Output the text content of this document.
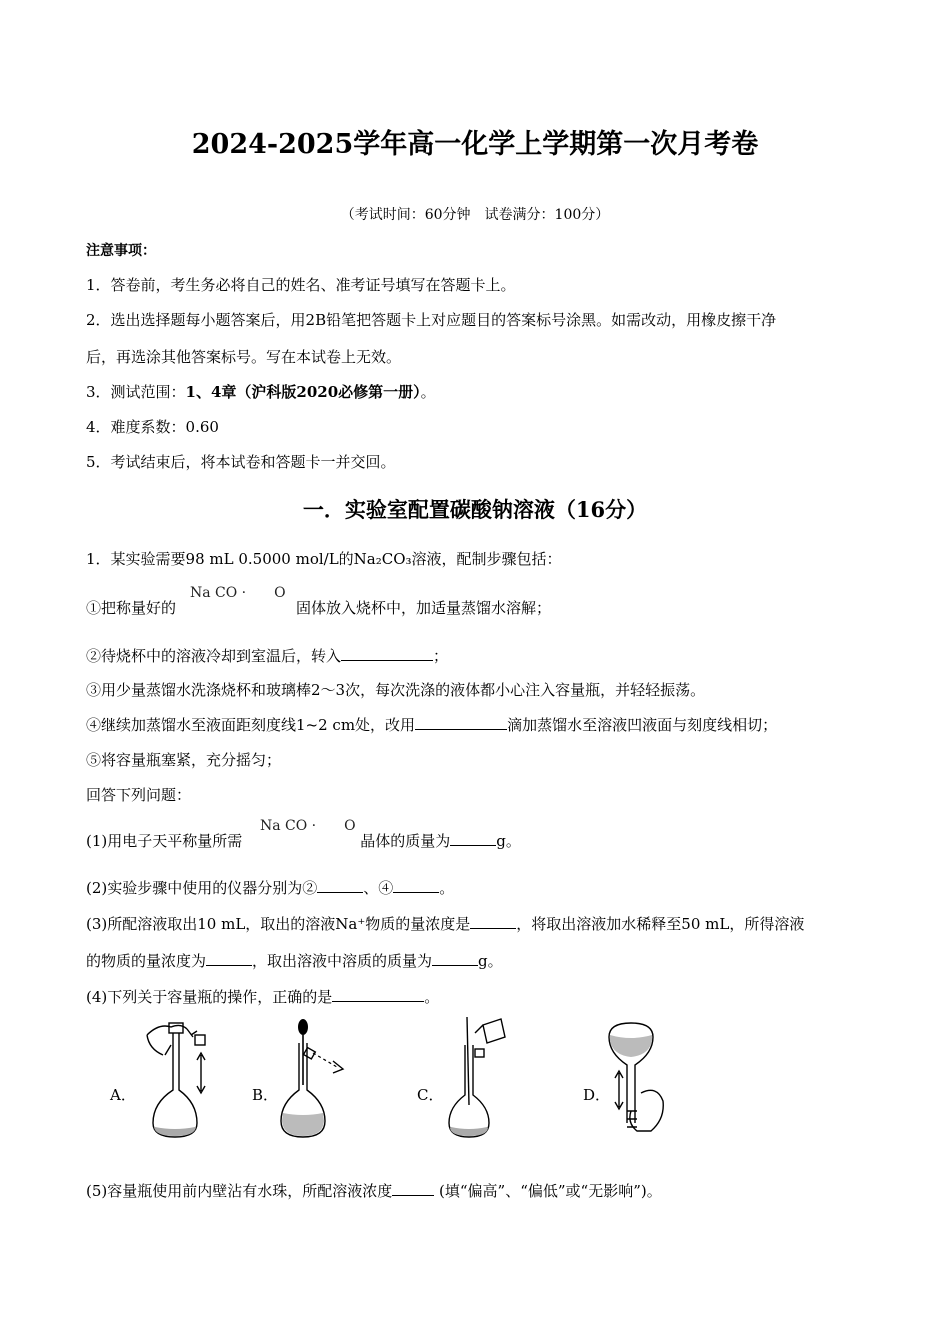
2024-2025学年高一化学上学期第一次月考卷
（考试时间：60分钟　试卷满分：100分）
注意事项：
1．答卷前，考生务必将自己的姓名、准考证号填写在答题卡上。
2．选出选择题每小题答案后，用2B铅笔把答题卡上对应题目的答案标号涂黑。如需改动，用橡皮擦干净
后，再选涂其他答案标号。写在本试卷上无效。
3．测试范围：1、4章（沪科版2020必修第一册）。
4．难度系数：0.60
5．考试结束后，将本试卷和答题卡一并交回。
一．实验室配置碳酸钠溶液（16分）
1．某实验需要98 mL 0.5000 mol/L的Na₂CO₃溶液，配制步骤包括：
Na CO ·　　O
①把称量好的	固体放入烧杯中，加适量蒸馏水溶解；
②待烧杯中的溶液冷却到室温后，转入	；
③用少量蒸馏水洗涤烧杯和玻璃棒2～3次，每次洗涤的液体都小心注入容量瓶，并轻轻振荡。
④继续加蒸馏水至液面距刻度线1~2 cm处，改用	滴加蒸馏水至溶液凹液面与刻度线相切；
⑤将容量瓶塞紧，充分摇匀；
回答下列问题：
Na CO ·　　O
(1)用电子天平称量所需	晶体的质量为	g。
(2)实验步骤中使用的仪器分别为②	、④	。
(3)所配溶液取出10 mL，取出的溶液Na⁺物质的量浓度是	，将取出溶液加水稀释至50 mL，所得溶液
的物质的量浓度为	，取出溶液中溶质的质量为	g。
(4)下列关于容量瓶的操作，正确的是	。
A．	B．	C．	D．
(5)容量瓶使用前内壁沾有水珠，所配溶液浓度	(填“偏高”、“偏低”或“无影响”)。
